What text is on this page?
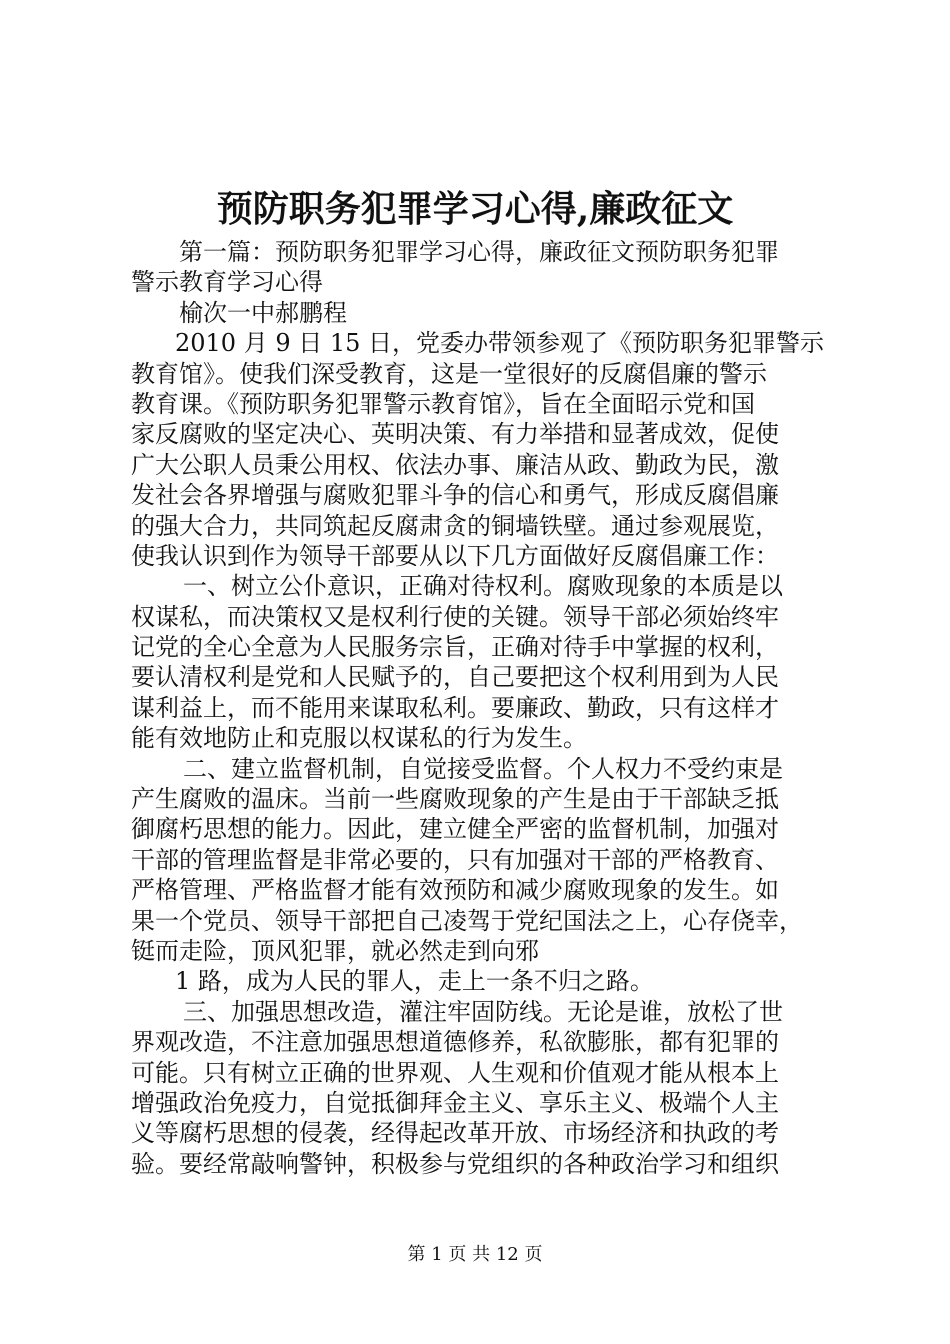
预防职务犯罪学习心得,廉政征文
第一篇：预防职务犯罪学习心得，廉政征文预防职务犯罪
警示教育学习心得
榆次一中郝鹏程
2010 月 9 日 15 日，党委办带领参观了《预防职务犯罪警示
教育馆》。使我们深受教育，这是一堂很好的反腐倡廉的警示
教育课。《预防职务犯罪警示教育馆》，旨在全面昭示党和国
家反腐败的坚定决心、英明决策、有力举措和显著成效，促使
广大公职人员秉公用权、依法办事、廉洁从政、勤政为民，激
发社会各界增强与腐败犯罪斗争的信心和勇气，形成反腐倡廉
的强大合力，共同筑起反腐肃贪的铜墙铁壁。通过参观展览，
使我认识到作为领导干部要从以下几方面做好反腐倡廉工作：
一、树立公仆意识，正确对待权利。腐败现象的本质是以
权谋私，而决策权又是权利行使的关键。领导干部必须始终牢
记党的全心全意为人民服务宗旨，正确对待手中掌握的权利，
要认清权利是党和人民赋予的，自己要把这个权利用到为人民
谋利益上，而不能用来谋取私利。要廉政、勤政，只有这样才
能有效地防止和克服以权谋私的行为发生。
二、建立监督机制，自觉接受监督。个人权力不受约束是
产生腐败的温床。当前一些腐败现象的产生是由于干部缺乏抵
御腐朽思想的能力。因此，建立健全严密的监督机制，加强对
干部的管理监督是非常必要的，只有加强对干部的严格教育、
严格管理、严格监督才能有效预防和减少腐败现象的发生。如
果一个党员、领导干部把自己凌驾于党纪国法之上，心存侥幸，
铤而走险，顶风犯罪，就必然走到向邪
1 路，成为人民的罪人，走上一条不归之路。
三、加强思想改造，灌注牢固防线。无论是谁，放松了世
界观改造，不注意加强思想道德修养，私欲膨胀，都有犯罪的
可能。只有树立正确的世界观、人生观和价值观才能从根本上
增强政治免疫力，自觉抵御拜金主义、享乐主义、极端个人主
义等腐朽思想的侵袭，经得起改革开放、市场经济和执政的考
验。要经常敲响警钟，积极参与党组织的各种政治学习和组织
第 1 页 共 12 页
